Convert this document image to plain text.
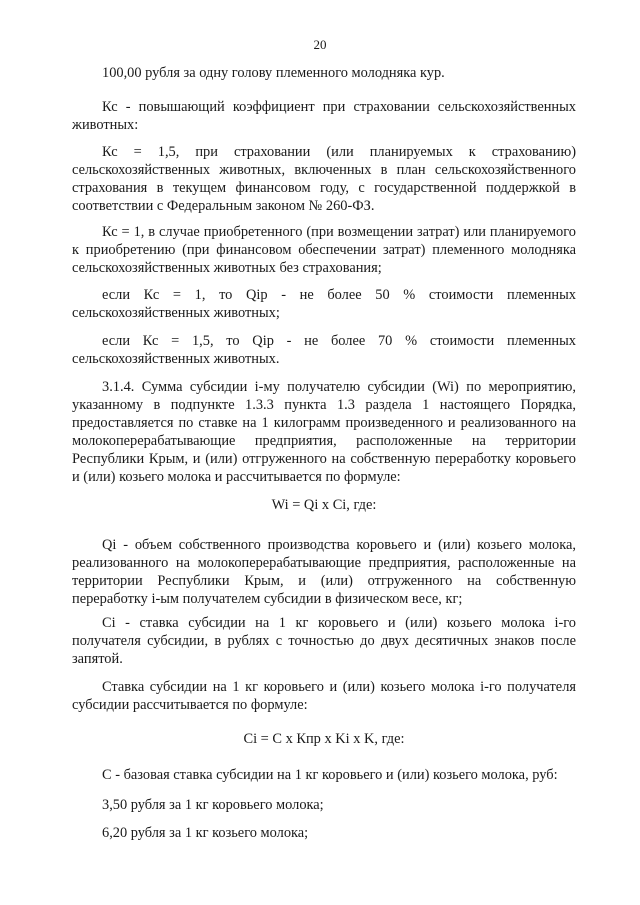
20

100,00 рубля за одну голову племенного молодняка кур.

Кс - повышающий коэффициент при страховании сельскохозяйственных животных:

Кс = 1,5, при страховании (или планируемых к страхованию) сельскохозяйственных животных, включенных в план сельскохозяйственного страхования в текущем финансовом году, с государственной поддержкой в соответствии с Федеральным законом № 260-ФЗ.

Кс = 1, в случае приобретенного (при возмещении затрат) или планируемого к приобретению (при финансовом обеспечении затрат) племенного молодняка сельскохозяйственных животных без страхования;

если Кс = 1, то Qiр - не более 50 % стоимости племенных сельскохозяйственных животных;

если Кс = 1,5, то Qiр - не более 70 % стоимости племенных сельскохозяйственных животных.

3.1.4. Сумма субсидии i-му получателю субсидии (Wi) по мероприятию, указанному в подпункте 1.3.3 пункта 1.3 раздела 1 настоящего Порядка, предоставляется по ставке на 1 килограмм произведенного и реализованного на молокоперерабатывающие предприятия, расположенные на территории Республики Крым, и (или) отгруженного на собственную переработку коровьего и (или) козьего молока и рассчитывается по формуле:

Wi = Qi x Ci, где:

Qi - объем собственного производства коровьего и (или) козьего молока, реализованного на молокоперерабатывающие предприятия, расположенные на территории Республики Крым, и (или) отгруженного на собственную переработку i-ым получателем субсидии в физическом весе, кг;

Ci - ставка субсидии на 1 кг коровьего и (или) козьего молока i-го получателя субсидии, в рублях с точностью до двух десятичных знаков после запятой.

Ставка субсидии на 1 кг коровьего и (или) козьего молока i-го получателя субсидии рассчитывается по формуле:

Ci = C x Кпр x Ki x K, где:

С - базовая ставка субсидии на 1 кг коровьего и (или) козьего молока, руб:

3,50 рубля за 1 кг коровьего молока;

6,20 рубля за 1 кг козьего молока;
